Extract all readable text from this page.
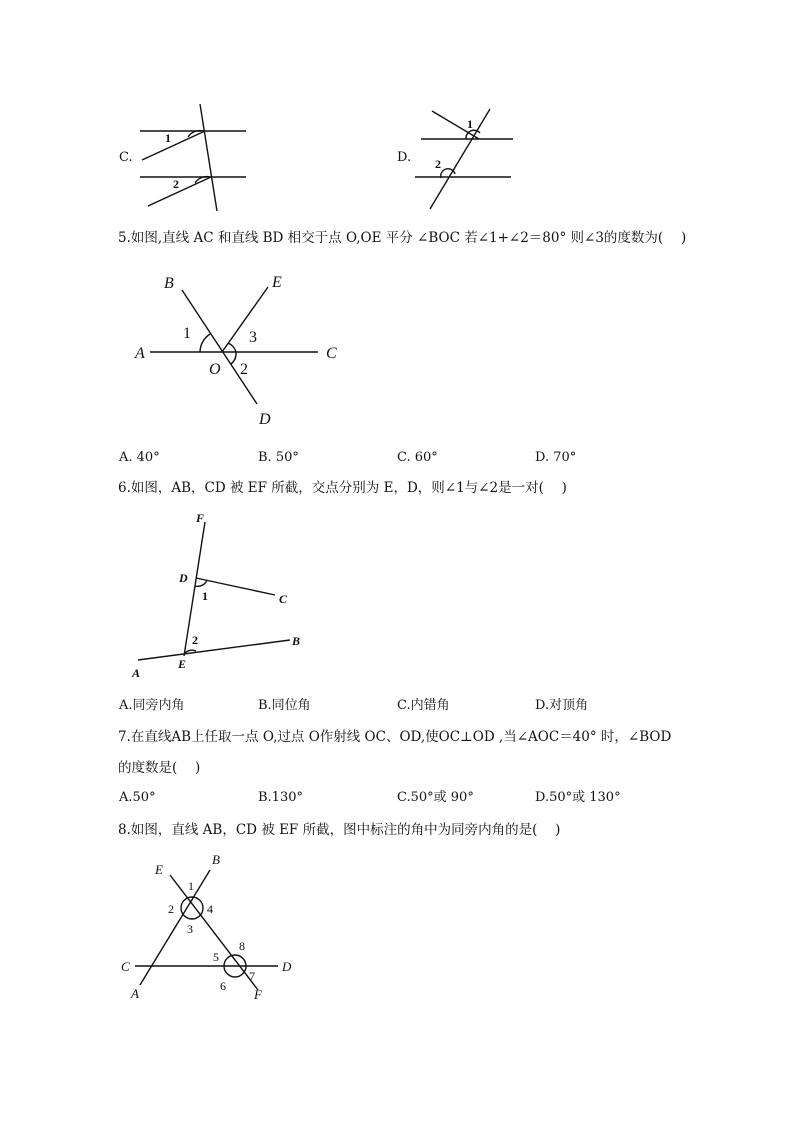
C.
1
2
D.
1
2
5.如图,直线 AC 和直线 BD 相交于点 O,OE 平分 ∠BOC 若∠1+∠2＝80° 则∠3的度数为(　 )
A
B
C
D
E
O
1
2
3
A. 40°	B. 50°	C. 60°	D. 70°
6.如图，AB，CD 被 EF 所截，交点分别为 E，D，则∠1与∠2是一对(　 )
F
D
C
B
A
E
1
2
A.同旁内角	B.同位角	C.内错角	D.对顶角
7.在直线AB上任取一点 O,过点 O作射线 OC、OD,使OC⊥OD ,当∠AOC＝40° 时，∠BOD
的度数是(　 )
A.50°	B.130°	C.50°或 90°	D.50°或 130°
8.如图，直线 AB，CD 被 EF 所截，图中标注的角中为同旁内角的是(　 )
E
B
C	D
A	F
1
2
3
4
5
6
7
8
